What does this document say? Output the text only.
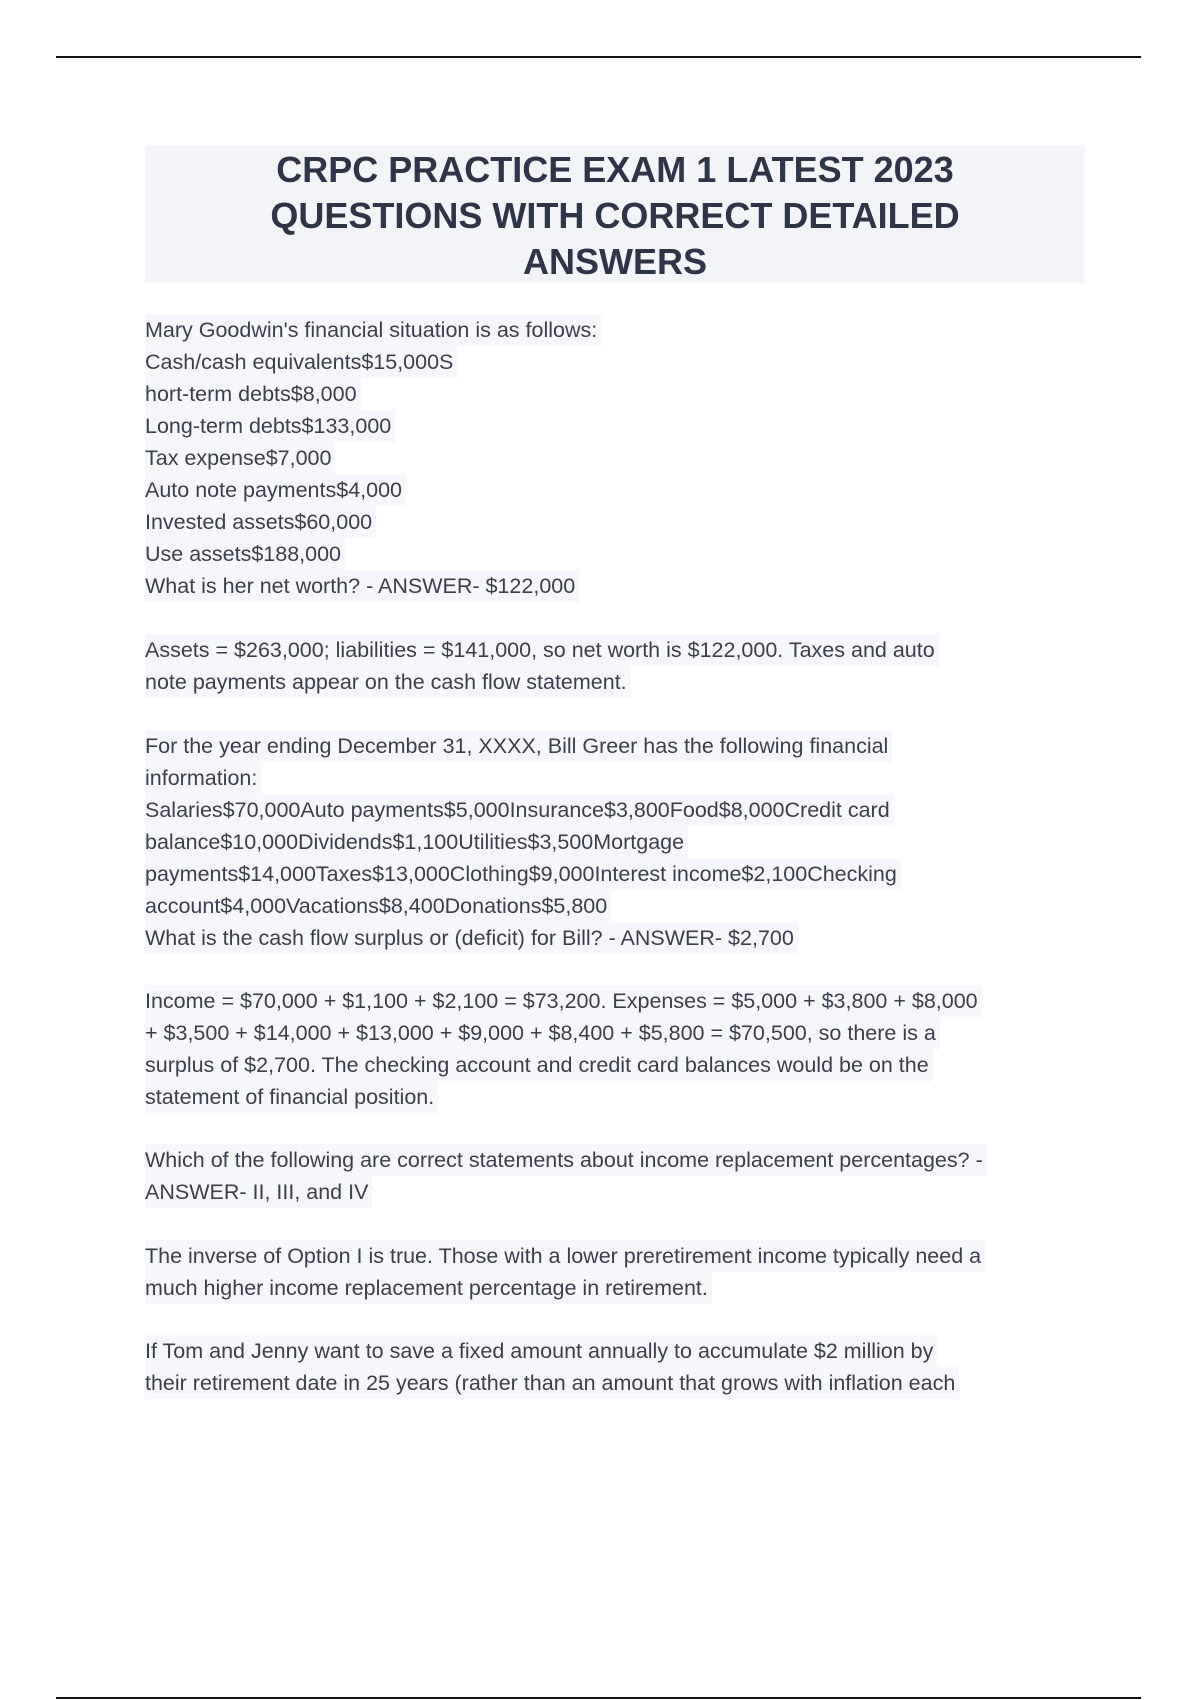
CRPC PRACTICE EXAM 1 LATEST 2023
QUESTIONS WITH CORRECT DETAILED
ANSWERS
Mary Goodwin's financial situation is as follows:
Cash/cash equivalents$15,000S
hort-term debts$8,000
Long-term debts$133,000
Tax expense$7,000
Auto note payments$4,000
Invested assets$60,000
Use assets$188,000
What is her net worth? - ANSWER- $122,000
Assets = $263,000; liabilities = $141,000, so net worth is $122,000. Taxes and auto
note payments appear on the cash flow statement.
For the year ending December 31, XXXX, Bill Greer has the following financial
information:
Salaries$70,000Auto payments$5,000Insurance$3,800Food$8,000Credit card
balance$10,000Dividends$1,100Utilities$3,500Mortgage
payments$14,000Taxes$13,000Clothing$9,000Interest income$2,100Checking
account$4,000Vacations$8,400Donations$5,800
What is the cash flow surplus or (deficit) for Bill? - ANSWER- $2,700
Income = $70,000 + $1,100 + $2,100 = $73,200. Expenses = $5,000 + $3,800 + $8,000
+ $3,500 + $14,000 + $13,000 + $9,000 + $8,400 + $5,800 = $70,500, so there is a
surplus of $2,700. The checking account and credit card balances would be on the
statement of financial position.
Which of the following are correct statements about income replacement percentages? -
ANSWER- II, III, and IV
The inverse of Option I is true. Those with a lower preretirement income typically need a
much higher income replacement percentage in retirement.
If Tom and Jenny want to save a fixed amount annually to accumulate $2 million by
their retirement date in 25 years (rather than an amount that grows with inflation each
